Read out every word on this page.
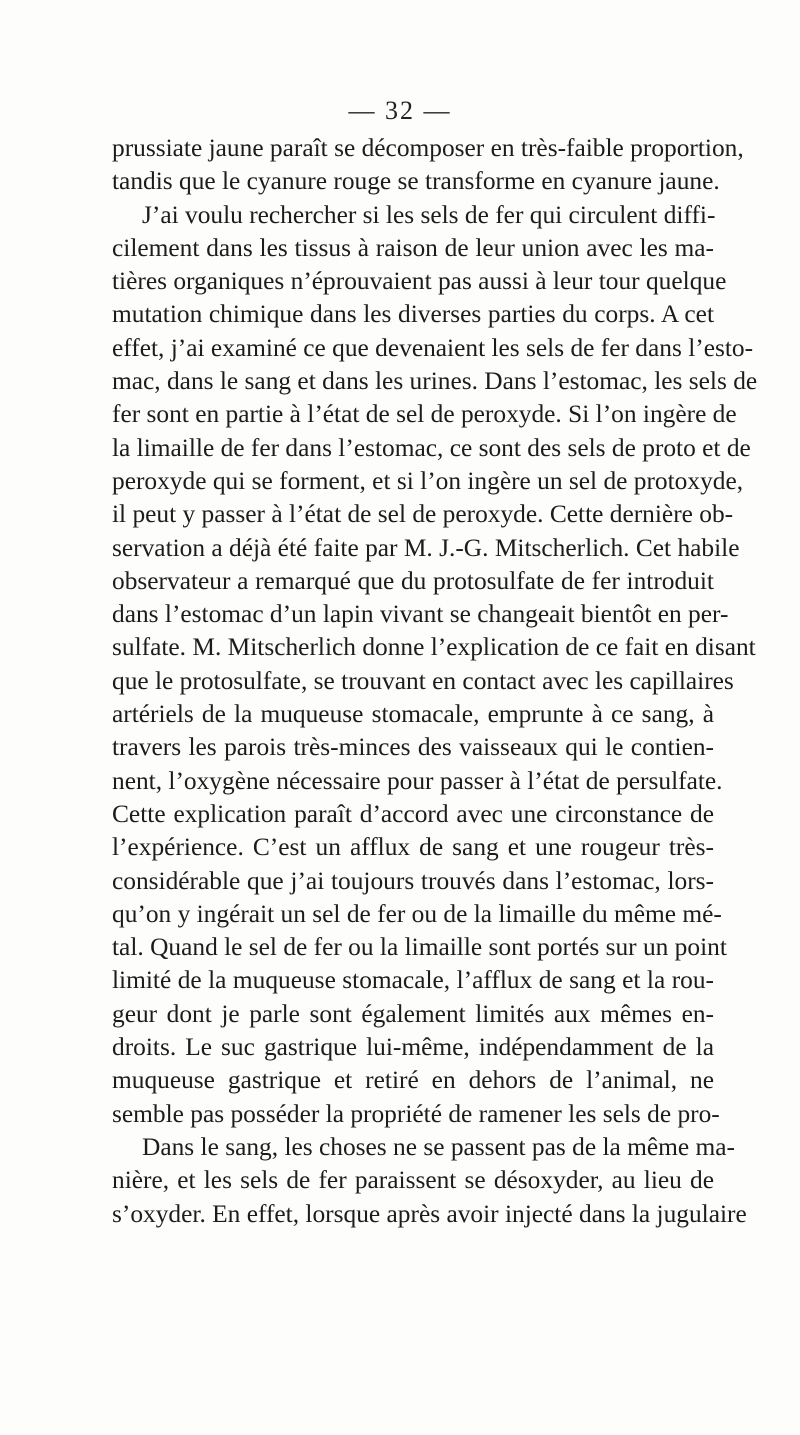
— 32 —
prussiate jaune paraît se décomposer en très-faible proportion,
tandis que le cyanure rouge se transforme en cyanure jaune.
J’ai voulu rechercher si les sels de fer qui circulent diffi-
cilement dans les tissus à raison de leur union avec les ma-
tières organiques n’éprouvaient pas aussi à leur tour quelque
mutation chimique dans les diverses parties du corps. A cet
effet, j’ai examiné ce que devenaient les sels de fer dans l’esto-
mac, dans le sang et dans les urines. Dans l’estomac, les sels de
fer sont en partie à l’état de sel de peroxyde. Si l’on ingère de
la limaille de fer dans l’estomac, ce sont des sels de proto et de
peroxyde qui se forment, et si l’on ingère un sel de protoxyde,
il peut y passer à l’état de sel de peroxyde. Cette dernière ob-
servation a déjà été faite par M. J.-G. Mitscherlich. Cet habile
observateur a remarqué que du protosulfate de fer introduit
dans l’estomac d’un lapin vivant se changeait bientôt en per-
sulfate. M. Mitscherlich donne l’explication de ce fait en disant
que le protosulfate, se trouvant en contact avec les capillaires
artériels de la muqueuse stomacale, emprunte à ce sang, à
travers les parois très-minces des vaisseaux qui le contien-
nent, l’oxygène nécessaire pour passer à l’état de persulfate.
Cette explication paraît d’accord avec une circonstance de
l’expérience. C’est un afflux de sang et une rougeur très-
considérable que j’ai toujours trouvés dans l’estomac, lors-
qu’on y ingérait un sel de fer ou de la limaille du même mé-
tal. Quand le sel de fer ou la limaille sont portés sur un point
limité de la muqueuse stomacale, l’afflux de sang et la rou-
geur dont je parle sont également limités aux mêmes en-
droits. Le suc gastrique lui-même, indépendamment de la
muqueuse gastrique et retiré en dehors de l’animal, ne
semble pas posséder la propriété de ramener les sels de pro-
Dans le sang, les choses ne se passent pas de la même ma-
nière, et les sels de fer paraissent se désoxyder, au lieu de
s’oxyder. En effet, lorsque après avoir injecté dans la jugulaire
